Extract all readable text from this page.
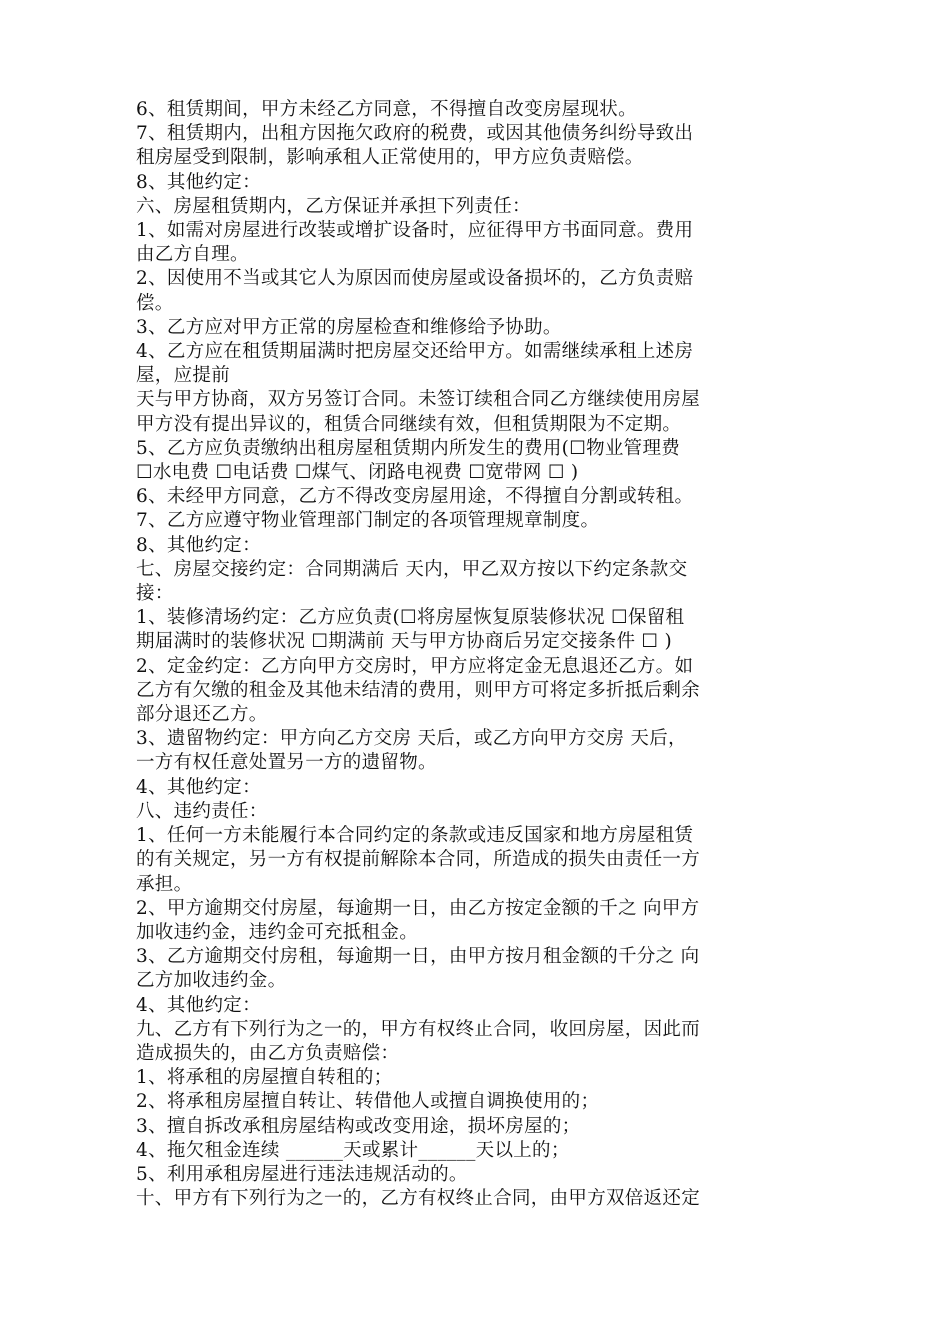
6、租赁期间，甲方未经乙方同意，不得擅自改变房屋现状。
7、租赁期内，出租方因拖欠政府的税费，或因其他债务纠纷导致出
租房屋受到限制，影响承租人正常使用的，甲方应负责赔偿。
8、其他约定：
六、房屋租赁期内，乙方保证并承担下列责任：
1、如需对房屋进行改装或增扩设备时，应征得甲方书面同意。费用
由乙方自理。
2、因使用不当或其它人为原因而使房屋或设备损坏的，乙方负责赔
偿。
3、乙方应对甲方正常的房屋检查和维修给予协助。
4、乙方应在租赁期届满时把房屋交还给甲方。如需继续承租上述房
屋，应提前
天与甲方协商，双方另签订合同。未签订续租合同乙方继续使用房屋
甲方没有提出异议的，租赁合同继续有效，但租赁期限为不定期。
5、乙方应负责缴纳出租房屋租赁期内所发生的费用(☐物业管理费
☐水电费 ☐电话费 ☐煤气、闭路电视费 ☐宽带网 ☐ )
6、未经甲方同意，乙方不得改变房屋用途，不得擅自分割或转租。
7、乙方应遵守物业管理部门制定的各项管理规章制度。
8、其他约定：
七、房屋交接约定：合同期满后 天内，甲乙双方按以下约定条款交
接：
1、装修清场约定：乙方应负责(☐将房屋恢复原装修状况 ☐保留租
期届满时的装修状况 ☐期满前 天与甲方协商后另定交接条件 ☐ )
2、定金约定：乙方向甲方交房时，甲方应将定金无息退还乙方。如
乙方有欠缴的租金及其他未结清的费用，则甲方可将定多折抵后剩余
部分退还乙方。
3、遗留物约定：甲方向乙方交房 天后，或乙方向甲方交房 天后，
一方有权任意处置另一方的遗留物。
4、其他约定：
八、违约责任：
1、任何一方未能履行本合同约定的条款或违反国家和地方房屋租赁
的有关规定，另一方有权提前解除本合同，所造成的损失由责任一方
承担。
2、甲方逾期交付房屋，每逾期一日，由乙方按定金额的千之 向甲方
加收违约金，违约金可充抵租金。
3、乙方逾期交付房租，每逾期一日，由甲方按月租金额的千分之 向
乙方加收违约金。
4、其他约定：
九、乙方有下列行为之一的，甲方有权终止合同，收回房屋，因此而
造成损失的，由乙方负责赔偿：
1、将承租的房屋擅自转租的；
2、将承租房屋擅自转让、转借他人或擅自调换使用的；
3、擅自拆改承租房屋结构或改变用途，损坏房屋的；
4、拖欠租金连续 ______天或累计______天以上的；
5、利用承租房屋进行违法违规活动的。
十、甲方有下列行为之一的，乙方有权终止合同，由甲方双倍返还定
